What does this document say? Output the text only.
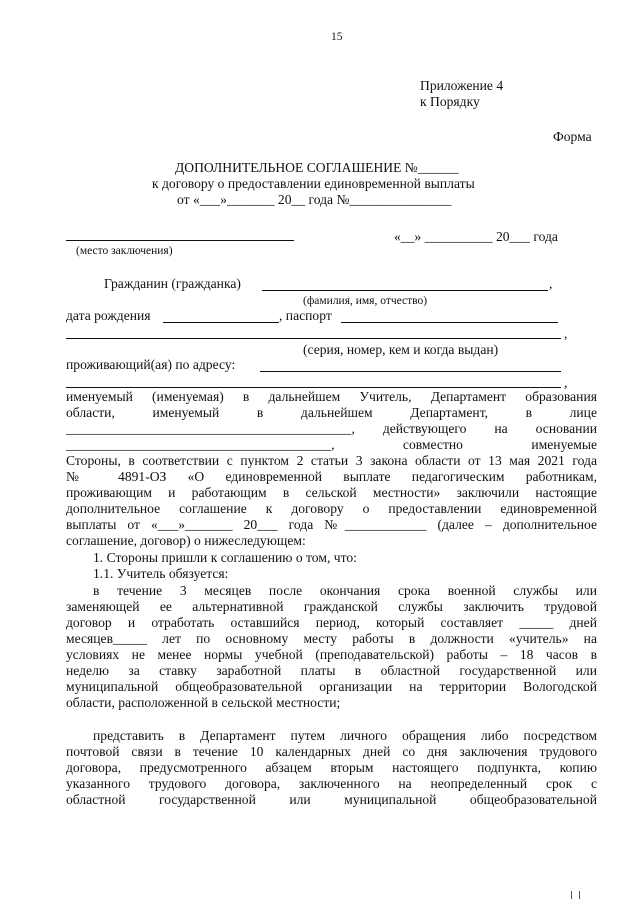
15
Приложение 4
к Порядку
Форма
ДОПОЛНИТЕЛЬНОЕ СОГЛАШЕНИЕ №______
к договору о предоставлении единовременной выплаты
от «___»_______ 20__ года №_______________
«__» __________ 20___ года
(место заключения)
Гражданин (гражданка)	,
(фамилия, имя, отчество)
дата рождения	, паспорт
,
(серия, номер, кем и когда выдан)
проживающий(ая) по адресу:
,
именуемый (именуемая) в дальнейшем Учитель, Департамент образования
области, именуемый в дальнейшем Департамент, в лице
__________________________________________, действующего на основании
_______________________________________, совместно именуемые
Стороны, в соответствии с пунктом 2 статьи 3 закона области от 13 мая 2021 года
№ 4891-ОЗ «О единовременной выплате педагогическим работникам,
проживающим и работающим в сельской местности» заключили настоящие
дополнительное соглашение к договору о предоставлении единовременной
выплаты от «___»_______ 20___ года №____________ (далее – дополнительное
соглашение, договор) о нижеследующем:
1. Стороны пришли к соглашению о том, что:
1.1. Учитель обязуется:
в течение 3 месяцев после окончания срока военной службы или
заменяющей ее альтернативной гражданской службы заключить трудовой
договор и отработать оставшийся период, который составляет _____ дней
месяцев_____ лет по основному месту работы в должности «учитель» на
условиях не менее нормы учебной (преподавательской) работы – 18 часов в
неделю за ставку заработной платы в областной государственной или
муниципальной общеобразовательной организации на территории Вологодской
области, расположенной в сельской местности;
представить в Департамент путем личного обращения либо посредством
почтовой связи в течение 10 календарных дней со дня заключения трудового
договора, предусмотренного абзацем вторым настоящего подпункта, копию
указанного трудового договора, заключенного на неопределенный срок с
областной государственной или муниципальной общеобразовательной
